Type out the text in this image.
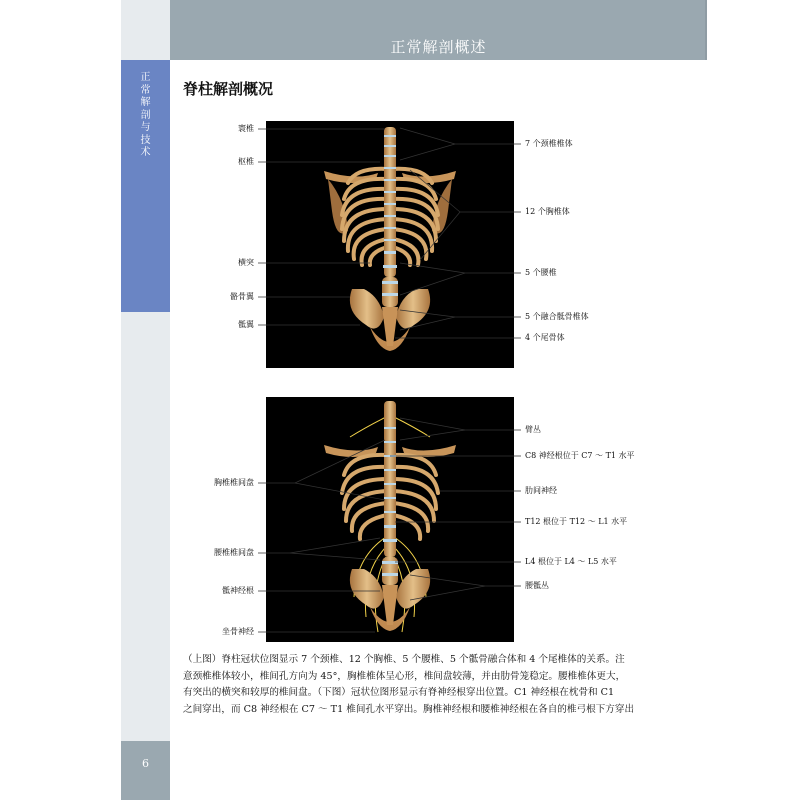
正
常
解
剖
与
技
术
6
正常解剖概述
脊柱解剖概况
寰椎
枢椎
横突
骼骨翼
骶翼
7 个颈椎椎体
12 个胸椎体
5 个腰椎
5 个融合骶骨椎体
4 个尾骨体
胸椎椎间盘
腰椎椎间盘
骶神经根
坐骨神经
臂丛
C8 神经根位于 C7 ～ T1 水平
肋间神经
T12 根位于 T12 ～ L1 水平
L4 根位于 L4 ～ L5 水平
腰骶丛

（上图）脊柱冠状位图显示 7 个颈椎、12 个胸椎、5 个腰椎、5 个骶骨融合体和 4 个尾椎体的关系。注

意颈椎椎体较小，椎间孔方向为 45°，胸椎椎体呈心形，椎间盘较薄，并由肋骨笼稳定。腰椎椎体更大，

有突出的横突和较厚的椎间盘。（下图）冠状位图形显示有脊神经根穿出位置。C1 神经根在枕骨和 C1

之间穿出，而 C8 神经根在 C7 ～ T1 椎间孔水平穿出。胸椎神经根和腰椎神经根在各自的椎弓根下方穿出
